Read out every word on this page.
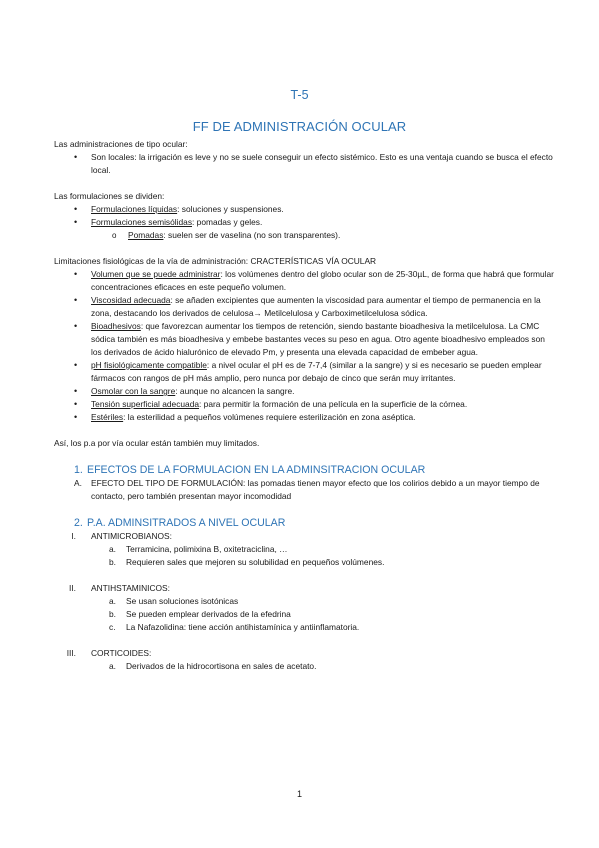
T-5
FF DE ADMINISTRACIÓN OCULAR

Las administraciones de tipo ocular:

• Son locales: la irrigación es leve y no se suele conseguir un efecto sistémico. Esto es una ventaja cuando se busca el efecto local.

Las formulaciones se dividen:

• Formulaciones líquidas: soluciones y suspensiones.
• Formulaciones semisólidas: pomadas y geles.
o Pomadas: suelen ser de vaselina (no son transparentes).

Limitaciones fisiológicas de la vía de administración: CRACTERÍSTICAS VÍA OCULAR

• Volumen que se puede administrar: los volúmenes dentro del globo ocular son de 25-30µL, de forma que habrá que formular concentraciones eficaces en este pequeño volumen.
• Viscosidad adecuada: se añaden excipientes que aumenten la viscosidad para aumentar el tiempo de permanencia en la zona, destacando los derivados de celulosa→ Metilcelulosa y Carboximetilcelulosa sódica.
• Bioadhesivos: que favorezcan aumentar los tiempos de retención, siendo bastante bioadhesiva la metilcelulosa. La CMC sódica también es más bioadhesiva y embebe bastantes veces su peso en agua. Otro agente bioadhesivo empleados son los derivados de ácido hialurónico de elevado Pm, y presenta una elevada capacidad de embeber agua.
• pH fisiológicamente compatible: a nivel ocular el pH es de 7-7,4 (similar a la sangre) y si es necesario se pueden emplear fármacos con rangos de pH más amplio, pero nunca por debajo de cinco que serán muy irritantes.
• Osmolar con la sangre: aunque no alcancen la sangre.
• Tensión superficial adecuada: para permitir la formación de una película en la superficie de la córnea.
• Estériles: la esterilidad a pequeños volúmenes requiere esterilización en zona aséptica.

Así, los p.a por vía ocular están también muy limitados.

1. EFECTOS DE LA FORMULACION EN LA ADMINSITRACION OCULAR
A. EFECTO DEL TIPO DE FORMULACIÓN: las pomadas tienen mayor efecto que los colirios debido a un mayor tiempo de contacto, pero también presentan mayor incomodidad
2. P.A. ADMINSITRADOS A NIVEL OCULAR
I. ANTIMICROBIANOS:
a. Terramicina, polimixina B, oxitetraciclina, …
b. Requieren sales que mejoren su solubilidad en pequeños volúmenes.
II. ANTIHSTAMINICOS:
a. Se usan soluciones isotónicas
b. Se pueden emplear derivados de la efedrina
c. La Nafazolidina: tiene acción antihistamínica y antiinflamatoria.
III. CORTICOIDES:
a. Derivados de la hidrocortisona en sales de acetato.
1
